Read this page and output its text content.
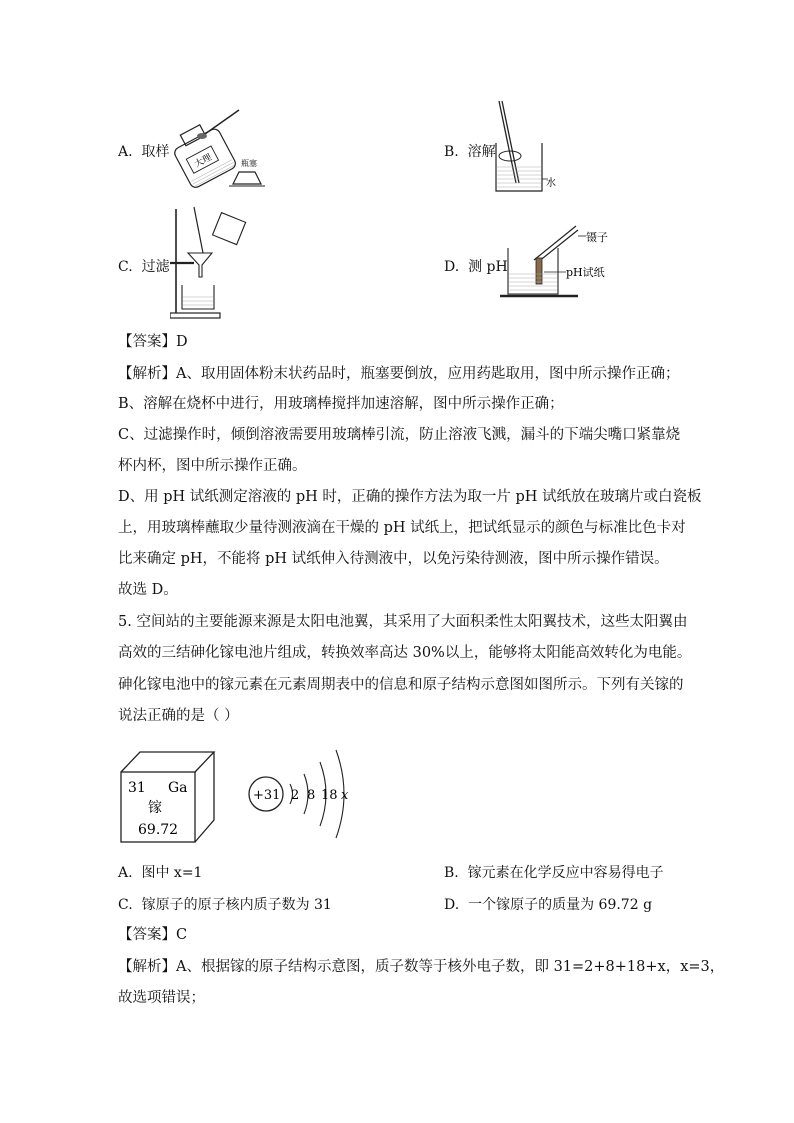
A. 取样
大理	瓶塞
B. 溶解
水
C. 过滤	D. 测 pH
镊子
pH试纸
【答案】D
【解析】A、取用固体粉末状药品时，瓶塞要倒放，应用药匙取用，图中所示操作正确；
B、溶解在烧杯中进行，用玻璃棒搅拌加速溶解，图中所示操作正确；
C、过滤操作时，倾倒溶液需要用玻璃棒引流，防止溶液飞溅，漏斗的下端尖嘴口紧靠烧
杯内杯，图中所示操作正确。
D、用 pH 试纸测定溶液的 pH 时，正确的操作方法为取一片 pH 试纸放在玻璃片或白瓷板
上，用玻璃棒蘸取少量待测液滴在干燥的 pH 试纸上，把试纸显示的颜色与标准比色卡对
比来确定 pH，不能将 pH 试纸伸入待测液中，以免污染待测液，图中所示操作错误。
故选 D。
5. 空间站的主要能源来源是太阳电池翼，其采用了大面积柔性太阳翼技术，这些太阳翼由
高效的三结砷化镓电池片组成，转换效率高达 30%以上，能够将太阳能高效转化为电能。
砷化镓电池中的镓元素在元素周期表中的信息和原子结构示意图如图所示。下列有关镓的
说法正确的是（ ）
31 Ga
镓
69.72
+31 2 8 18 x
A. 图中 x=1	B. 镓元素在化学反应中容易得电子
C. 镓原子的原子核内质子数为 31	D. 一个镓原子的质量为 69.72 g
【答案】C
【解析】A、根据镓的原子结构示意图，质子数等于核外电子数，即 31=2+8+18+x，x=3，
故选项错误；
